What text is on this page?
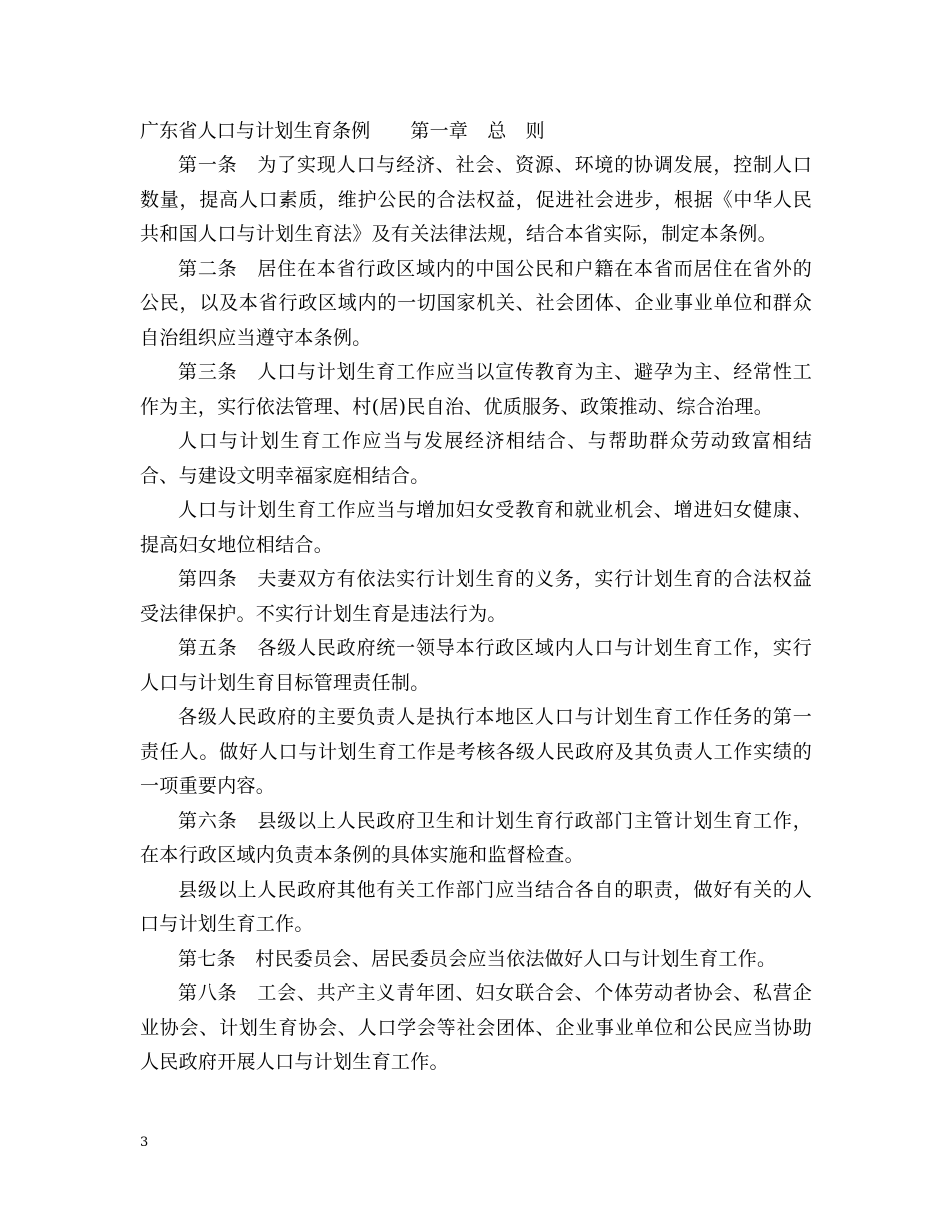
广东省人口与计划生育条例 第一章　总　则

第一条　为了实现人口与经济、社会、资源、环境的协调发展，控制人口数量，提高人口素质，维护公民的合法权益，促进社会进步，根据《中华人民共和国人口与计划生育法》及有关法律法规，结合本省实际，制定本条例。

第二条　居住在本省行政区域内的中国公民和户籍在本省而居住在省外的公民，以及本省行政区域内的一切国家机关、社会团体、企业事业单位和群众自治组织应当遵守本条例。

第三条　人口与计划生育工作应当以宣传教育为主、避孕为主、经常性工作为主，实行依法管理、村(居)民自治、优质服务、政策推动、综合治理。

人口与计划生育工作应当与发展经济相结合、与帮助群众劳动致富相结合、与建设文明幸福家庭相结合。

人口与计划生育工作应当与增加妇女受教育和就业机会、增进妇女健康、提高妇女地位相结合。

第四条　夫妻双方有依法实行计划生育的义务，实行计划生育的合法权益受法律保护。不实行计划生育是违法行为。

第五条　各级人民政府统一领导本行政区域内人口与计划生育工作，实行人口与计划生育目标管理责任制。

各级人民政府的主要负责人是执行本地区人口与计划生育工作任务的第一责任人。做好人口与计划生育工作是考核各级人民政府及其负责人工作实绩的一项重要内容。

第六条　县级以上人民政府卫生和计划生育行政部门主管计划生育工作，在本行政区域内负责本条例的具体实施和监督检查。

县级以上人民政府其他有关工作部门应当结合各自的职责，做好有关的人口与计划生育工作。

第七条　村民委员会、居民委员会应当依法做好人口与计划生育工作。

第八条　工会、共产主义青年团、妇女联合会、个体劳动者协会、私营企业协会、计划生育协会、人口学会等社会团体、企业事业单位和公民应当协助人民政府开展人口与计划生育工作。

3
